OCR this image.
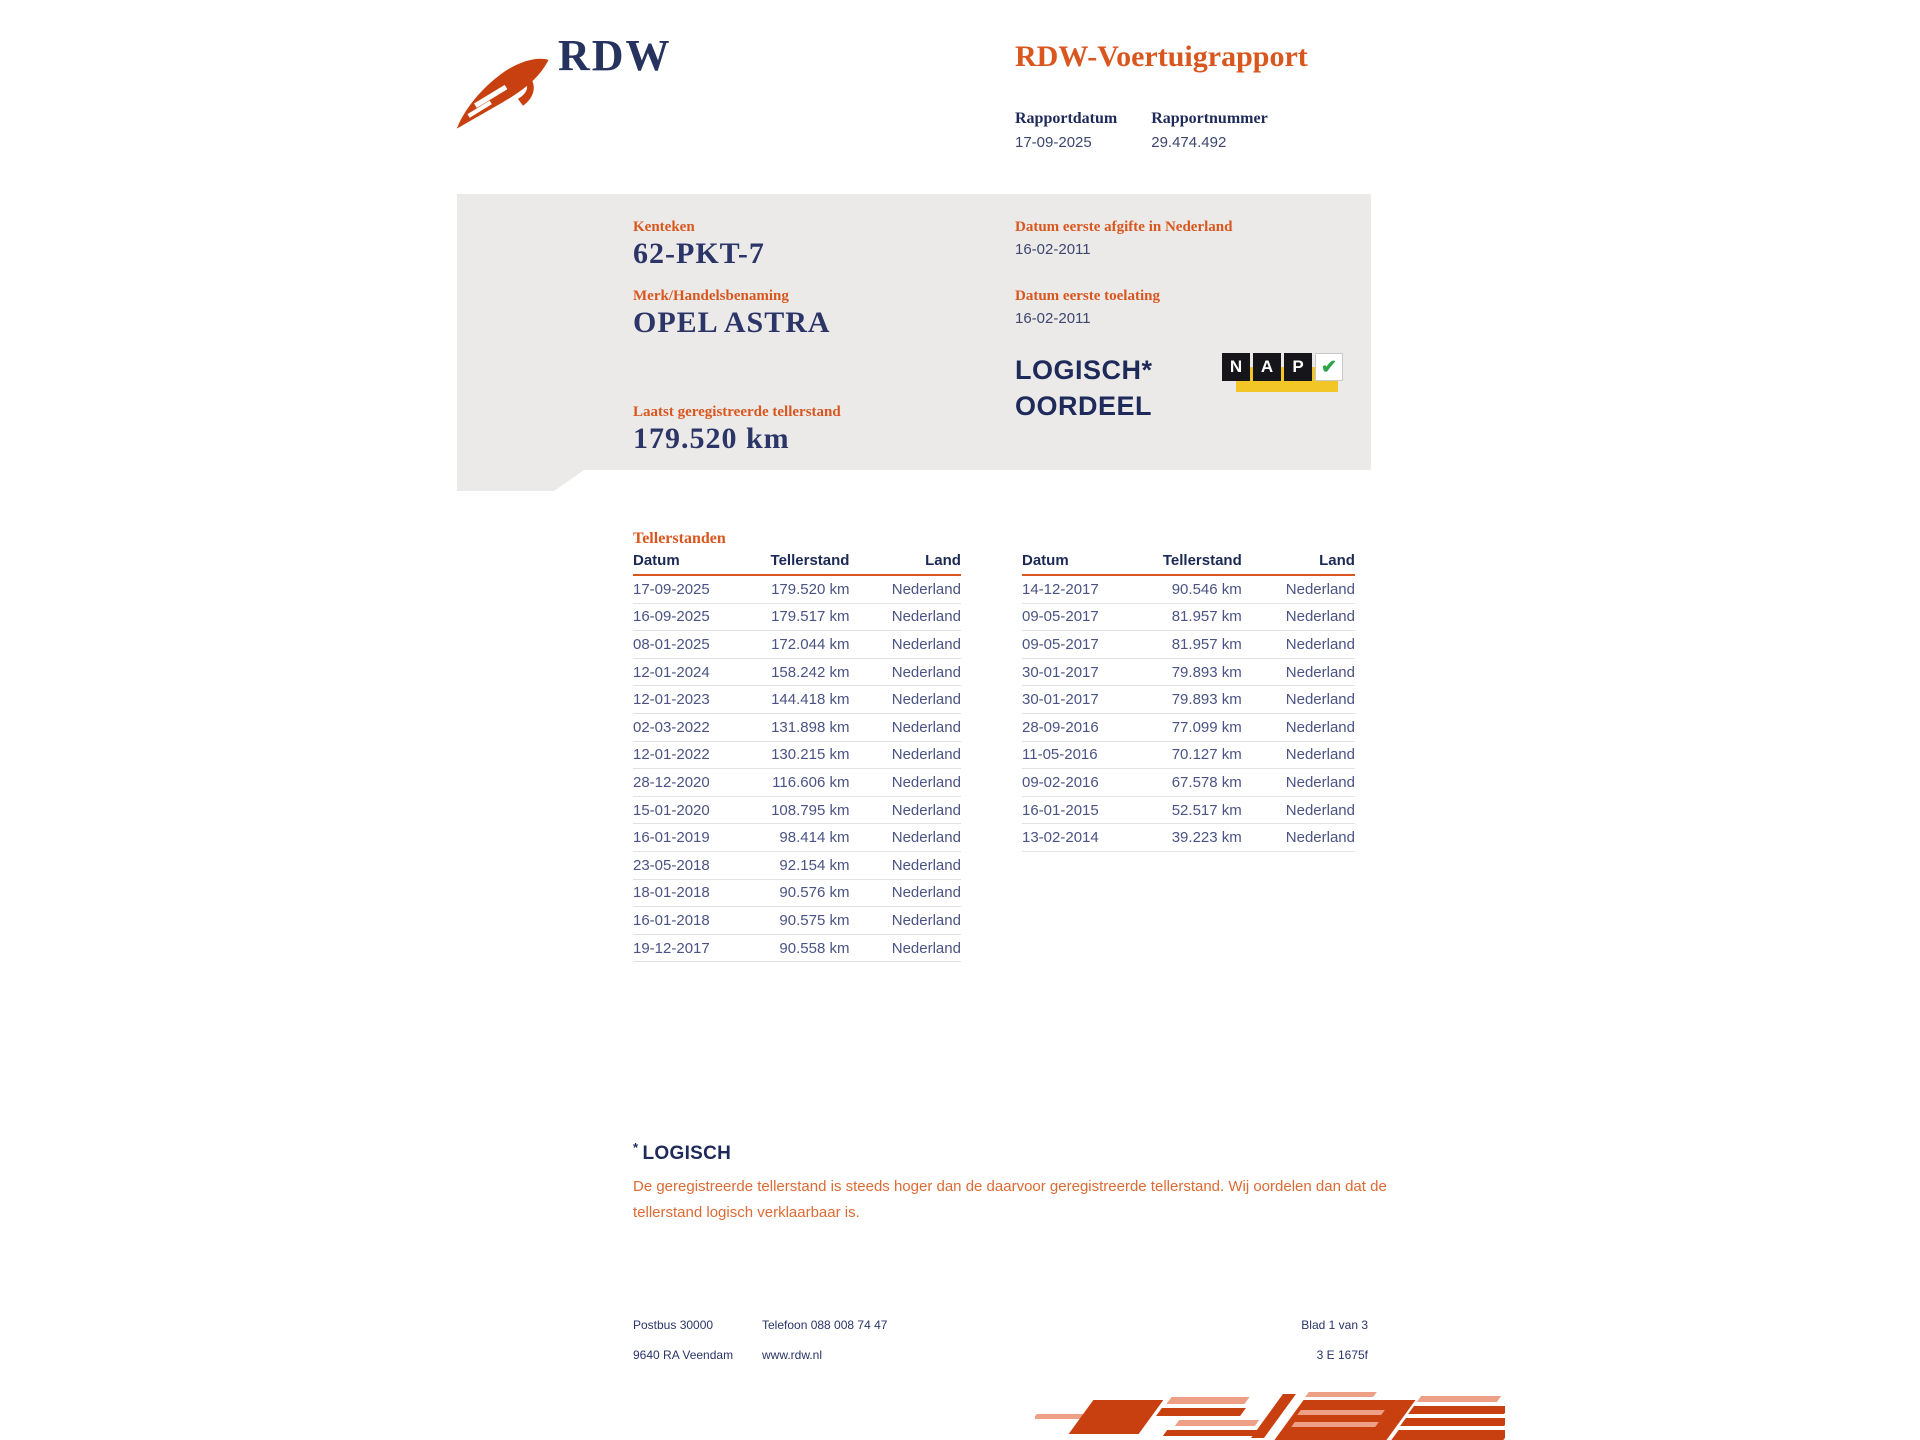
RDW	RDW-Voertuigrapport
Rapportdatum
17-09-2025
Rapportnummer
29.474.492
Kenteken
62-PKT-7
Merk/Handelsbenaming
OPEL ASTRA
Datum eerste afgifte in Nederland
16-02-2011
Datum eerste toelating
16-02-2011
LOGISCH*
OORDEEL
N	A	P ✔
Laatst geregistreerde tellerstand
179.520 km
Tellerstanden
Datum	Tellerstand	Land
17-09-2025	179.520 km	Nederland
16-09-2025	179.517 km	Nederland
08-01-2025	172.044 km	Nederland
12-01-2024	158.242 km	Nederland
12-01-2023	144.418 km	Nederland
02-03-2022	131.898 km	Nederland
12-01-2022	130.215 km	Nederland
28-12-2020	116.606 km	Nederland
15-01-2020	108.795 km	Nederland
16-01-2019	98.414 km	Nederland
23-05-2018	92.154 km	Nederland
18-01-2018	90.576 km	Nederland
16-01-2018	90.575 km	Nederland
19-12-2017	90.558 km	Nederland
Datum	Tellerstand	Land
14-12-2017	90.546 km	Nederland
09-05-2017	81.957 km	Nederland
09-05-2017	81.957 km	Nederland
30-01-2017	79.893 km	Nederland
30-01-2017	79.893 km	Nederland
28-09-2016	77.099 km	Nederland
11-05-2016	70.127 km	Nederland
09-02-2016	67.578 km	Nederland
16-01-2015	52.517 km	Nederland
13-02-2014	39.223 km	Nederland
* LOGISCH
De geregistreerde tellerstand is steeds hoger dan de daarvoor geregistreerde tellerstand. Wij oordelen dan dat de tellerstand logisch verklaarbaar is.
Postbus 30000
9640 RA Veendam
Telefoon 088 008 74 47
www.rdw.nl
Blad 1 van 3
3 E 1675f
